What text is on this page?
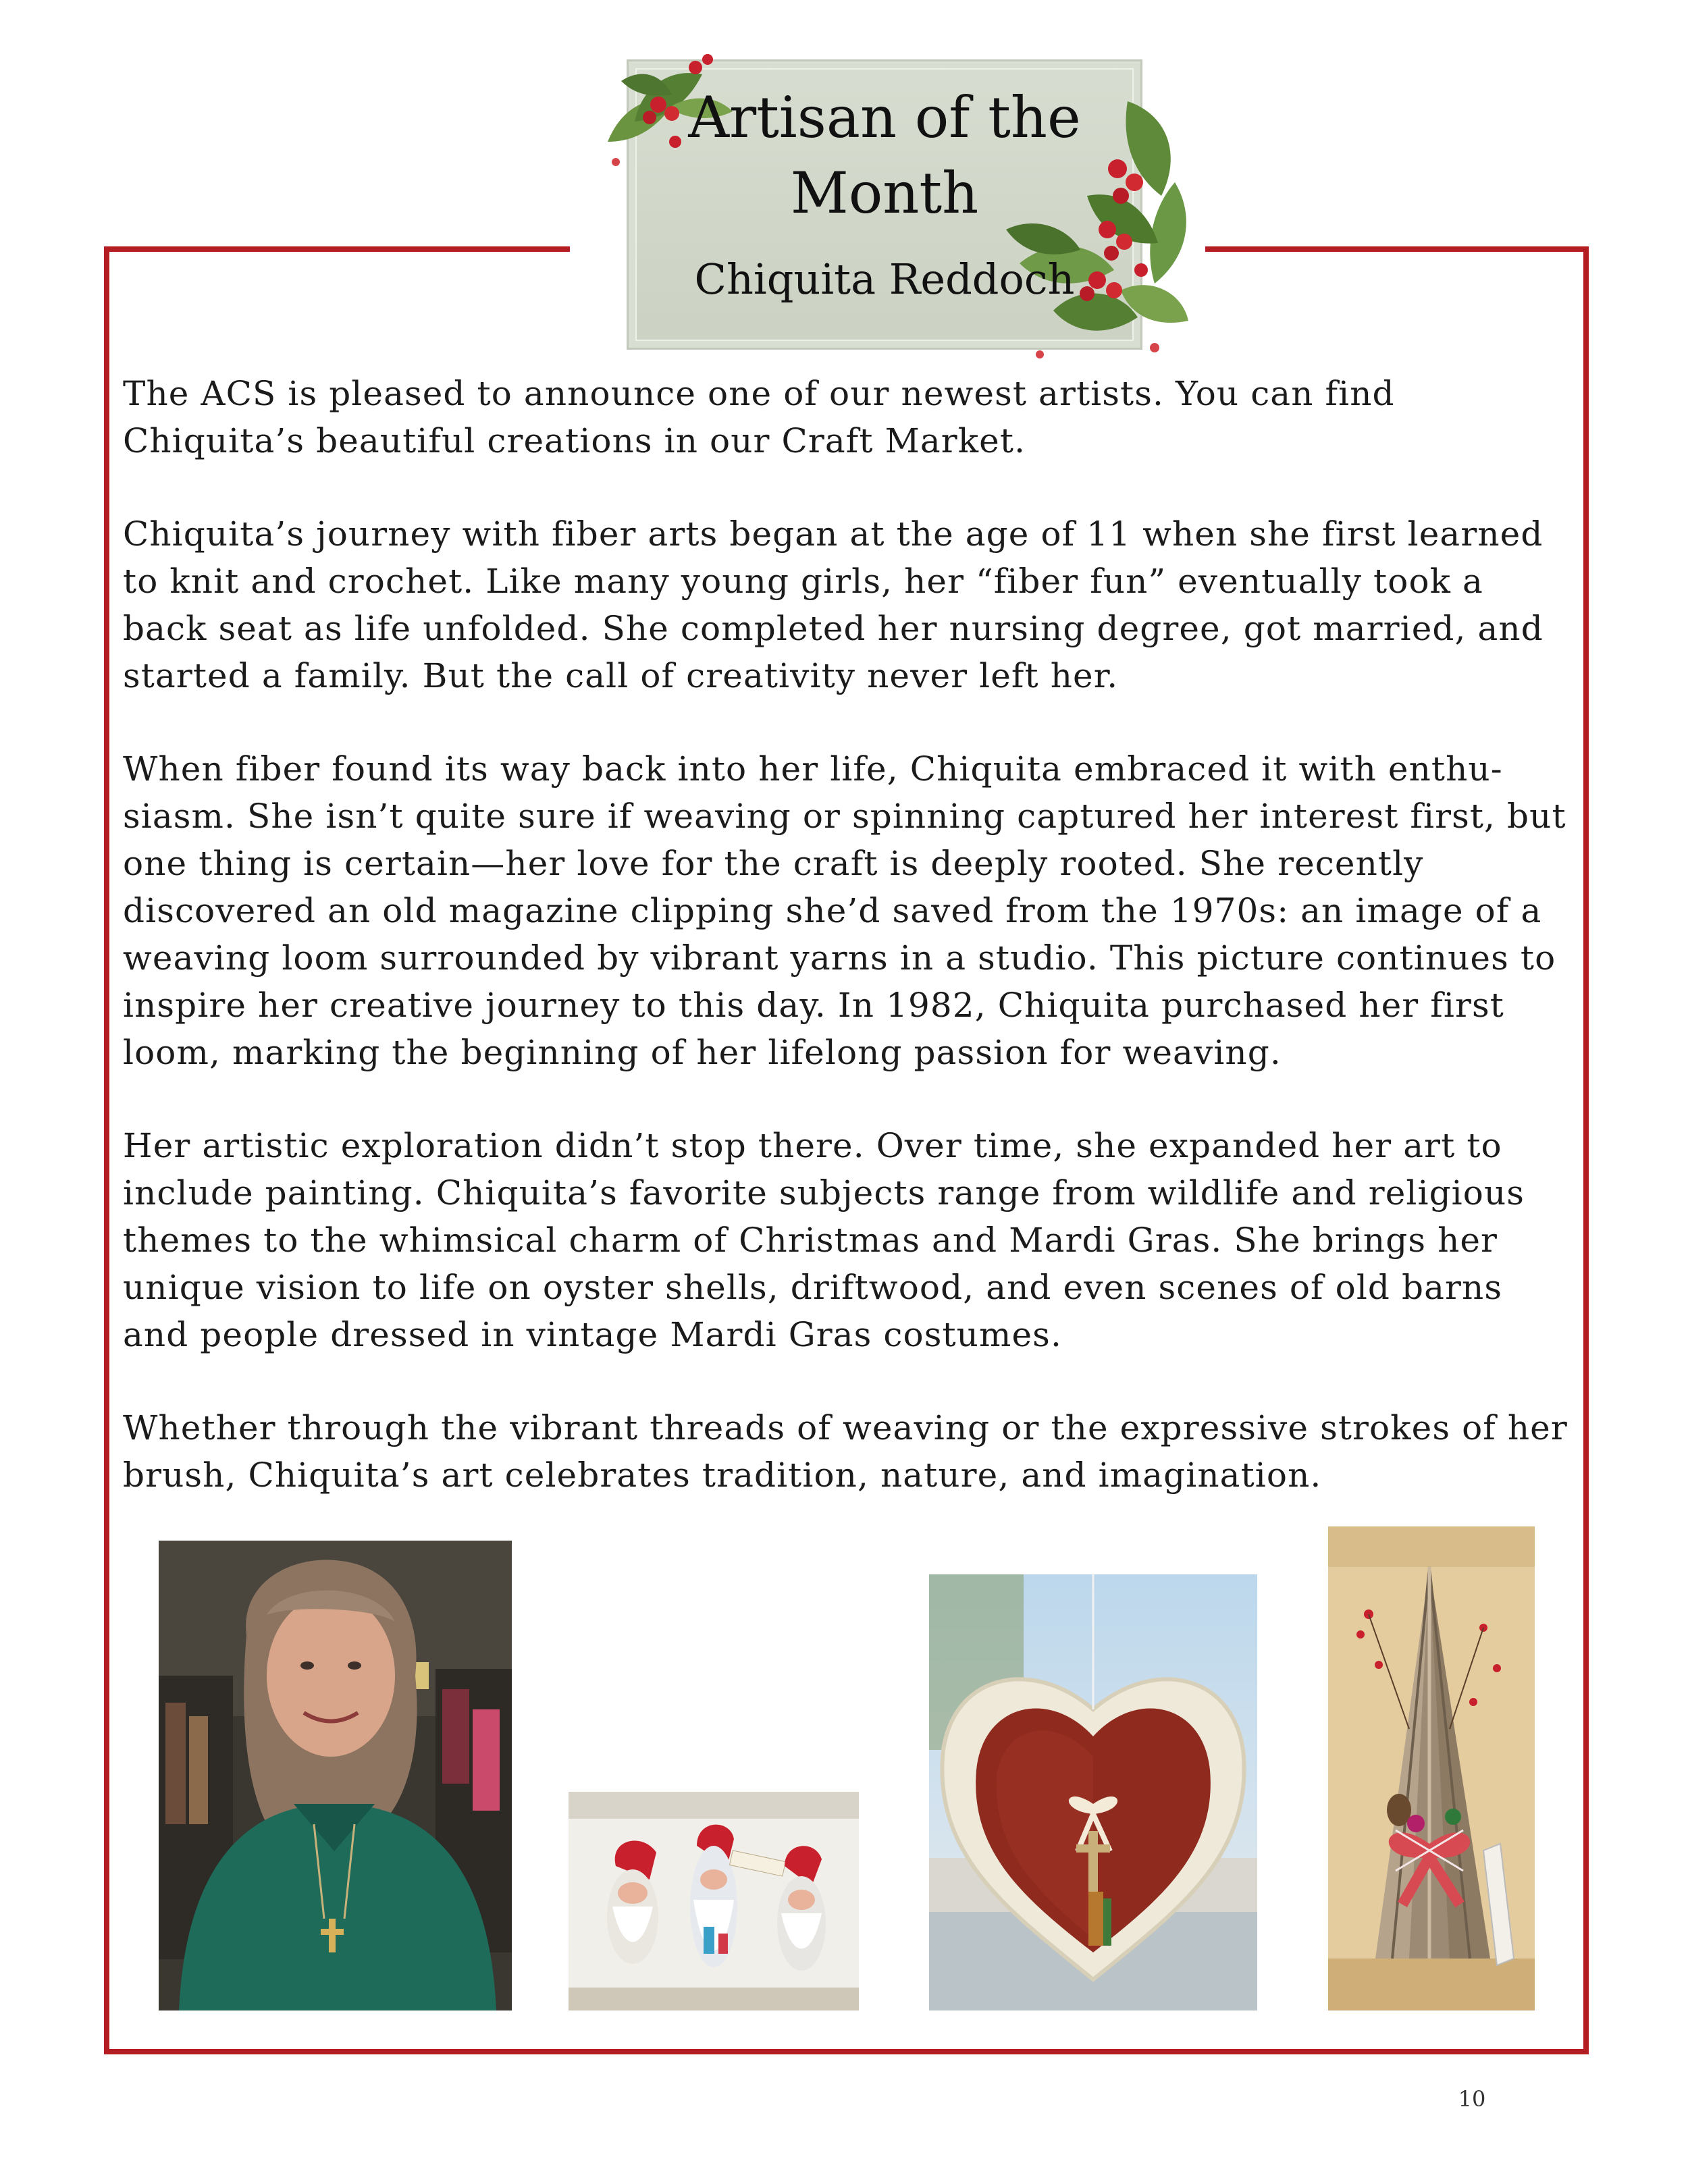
Artisan of the Month
Chiquita Reddoch

The ACS is pleased to announce one of our newest artists. You can find Chiquita’s beautiful creations in our Craft Market.

Chiquita’s journey with fiber arts began at the age of 11 when she first learned to knit and crochet. Like many young girls, her “fiber fun” eventually took a back seat as life unfolded. She completed her nursing degree, got married, and started a family. But the call of creativity never left her.

When fiber found its way back into her life, Chiquita embraced it with enthu-siasm. She isn’t quite sure if weaving or spinning captured her interest first, but one thing is certain—her love for the craft is deeply rooted. She recently discovered an old magazine clipping she’d saved from the 1970s: an image of a weaving loom surrounded by vibrant yarns in a studio. This picture continues to inspire her creative journey to this day. In 1982, Chiquita purchased her first loom, marking the beginning of her lifelong passion for weaving.

Her artistic exploration didn’t stop there. Over time, she expanded her art to include painting. Chiquita’s favorite subjects range from wildlife and religious themes to the whimsical charm of Christmas and Mardi Gras. She brings her unique vision to life on oyster shells, driftwood, and even scenes of old barns and people dressed in vintage Mardi Gras costumes.

Whether through the vibrant threads of weaving or the expressive strokes of her brush, Chiquita’s art celebrates tradition, nature, and imagination.

10
